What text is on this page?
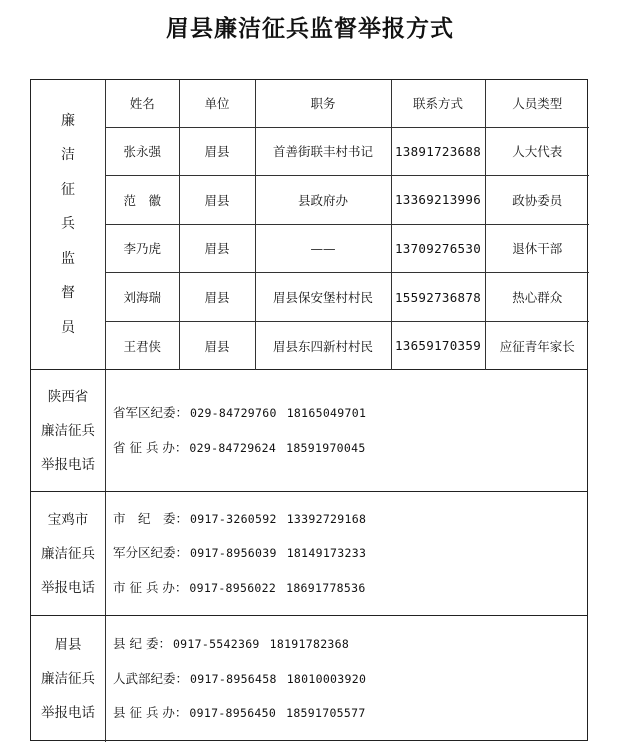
眉县廉洁征兵监督举报方式
廉
洁
征
兵
监
督
员
姓名	单位	职务	联系方式	人员类型
张永强	眉县	首善街联丰村书记	13891723688	人大代表
范　徽	眉县	县政府办	13369213996	政协委员
李乃虎	眉县	——	13709276530	退休干部
刘海瑞	眉县	眉县保安堡村村民	15592736878	热心群众
王君侠	眉县	眉县东四新村村民	13659170359	应征青年家长
陕西省
廉洁征兵
举报电话
省军区纪委： 029-84729760 18165049701
省 征 兵 办： 029-84729624 18591970045
宝鸡市
廉洁征兵
举报电话
市　纪　委： 0917-3260592 13392729168
军分区纪委： 0917-8956039 18149173233
市 征 兵 办： 0917-8956022 18691778536
眉县
廉洁征兵
举报电话
县 纪 委： 0917-5542369 18191782368
人武部纪委： 0917-8956458 18010003920
县 征 兵 办： 0917-8956450 18591705577
